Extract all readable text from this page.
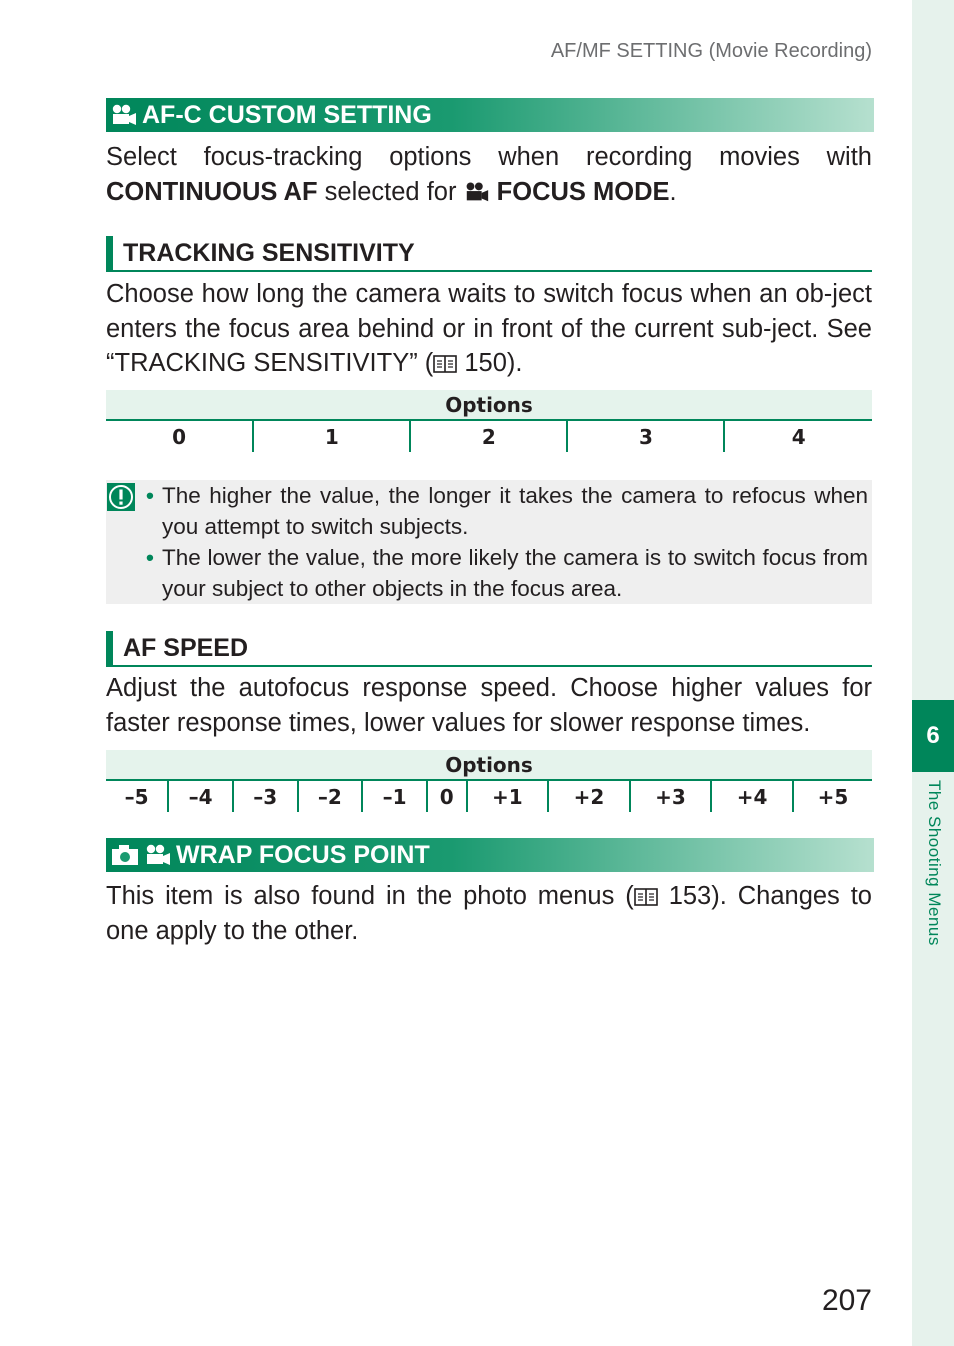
AF/MF SETTING (Movie Recording)
AF-C CUSTOM SETTING
Select focus-tracking options when recording movies with CONTINUOUS AF selected for FOCUS MODE.
TRACKING SENSITIVITY
Choose how long the camera waits to switch focus when an ob-ject enters the focus area behind or in front of the current sub-ject. See “TRACKING SENSITIVITY” ( 150).
Options
0	1	2	3	4
• The higher the value, the longer it takes the camera to refocus when you attempt to switch subjects.
• The lower the value, the more likely the camera is to switch focus from your subject to other objects in the focus area.
AF SPEED
Adjust the autofocus response speed. Choose higher values for faster response times, lower values for slower response times.
Options
–5	–4	–3	–2	–1	0	+1	+2	+3	+4	+5
WRAP FOCUS POINT
This item is also found in the photo menus ( 153). Changes to one apply to the other.
6
The Shooting Menus
207
